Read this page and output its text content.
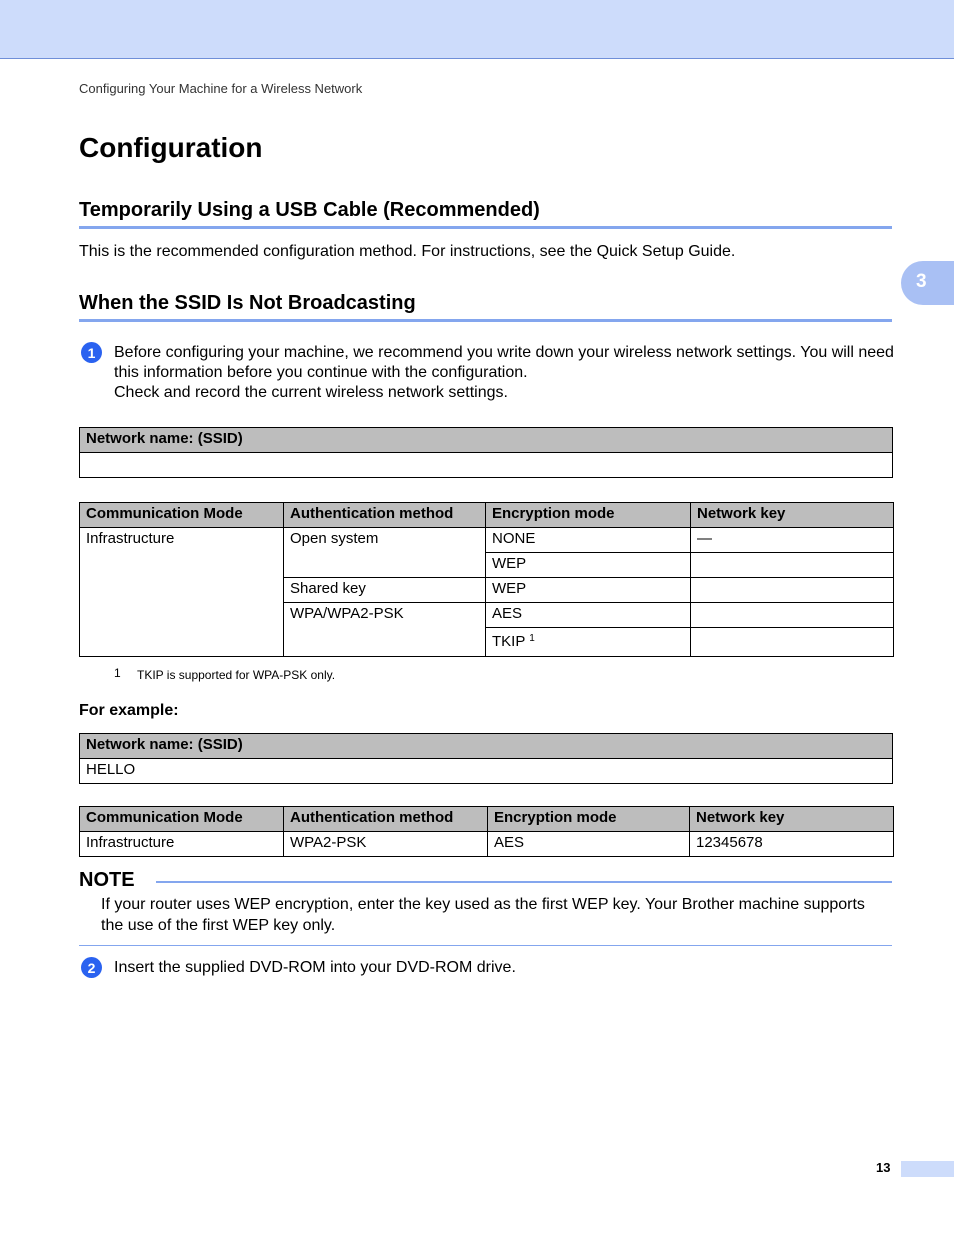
Configuring Your Machine for a Wireless Network
3
Configuration
Temporarily Using a USB Cable (Recommended)
This is the recommended configuration method. For instructions, see the Quick Setup Guide.
When the SSID Is Not Broadcasting
1	Before configuring your machine, we recommend you write down your wireless network settings. You will need this information before you continue with the configuration.
Check and record the current wireless network settings.
Network name: (SSID)

Communication Mode	Authentication method	Encryption mode	Network key
Infrastructure	Open system	NONE	—
		WEP	
	Shared key	WEP	
	WPA/WPA2-PSK	AES	
		TKIP $^1$	
1 TKIP is supported for WPA-PSK only.
For example:
Network name: (SSID)
HELLO
Communication Mode	Authentication method	Encryption mode	Network key
Infrastructure	WPA2-PSK	AES	12345678
NOTE
If your router uses WEP encryption, enter the key used as the first WEP key. Your Brother machine supports the use of the first WEP key only.
2	Insert the supplied DVD-ROM into your DVD-ROM drive.
13
